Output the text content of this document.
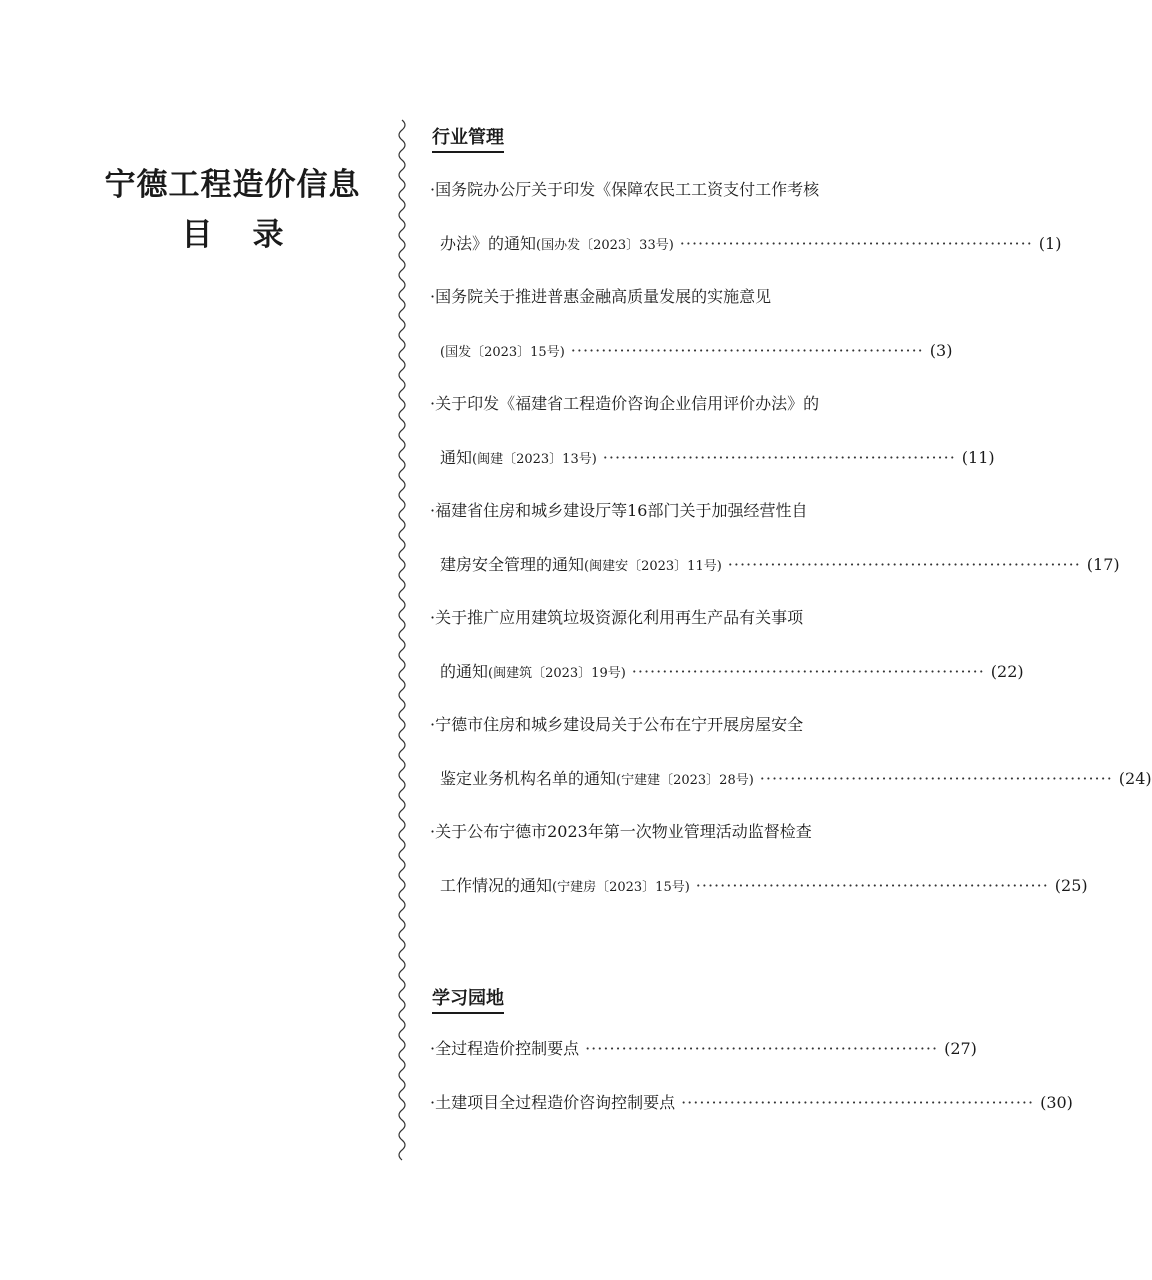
宁德工程造价信息
目录
行业管理
·国务院办公厅关于印发《保障农民工工资支付工作考核
办法》的通知 (国办发〔2023〕33号) ·························································· (1)
·国务院关于推进普惠金融高质量发展的实施意见
(国发〔2023〕15号) ·························································· (3)
·关于印发《福建省工程造价咨询企业信用评价办法》的
通知 (闽建〔2023〕13号) ·························································· (11)
·福建省住房和城乡建设厅等16部门关于加强经营性自
建房安全管理的通知 (闽建安〔2023〕11号) ·························································· (17)
·关于推广应用建筑垃圾资源化利用再生产品有关事项
的通知 (闽建筑〔2023〕19号) ·························································· (22)
·宁德市住房和城乡建设局关于公布在宁开展房屋安全
鉴定业务机构名单的通知 (宁建建〔2023〕28号) ·························································· (24)
·关于公布宁德市2023年第一次物业管理活动监督检查
工作情况的通知 (宁建房〔2023〕15号) ·························································· (25)
学习园地
·全过程造价控制要点 ·························································· (27)
·土建项目全过程造价咨询控制要点 ·························································· (30)
